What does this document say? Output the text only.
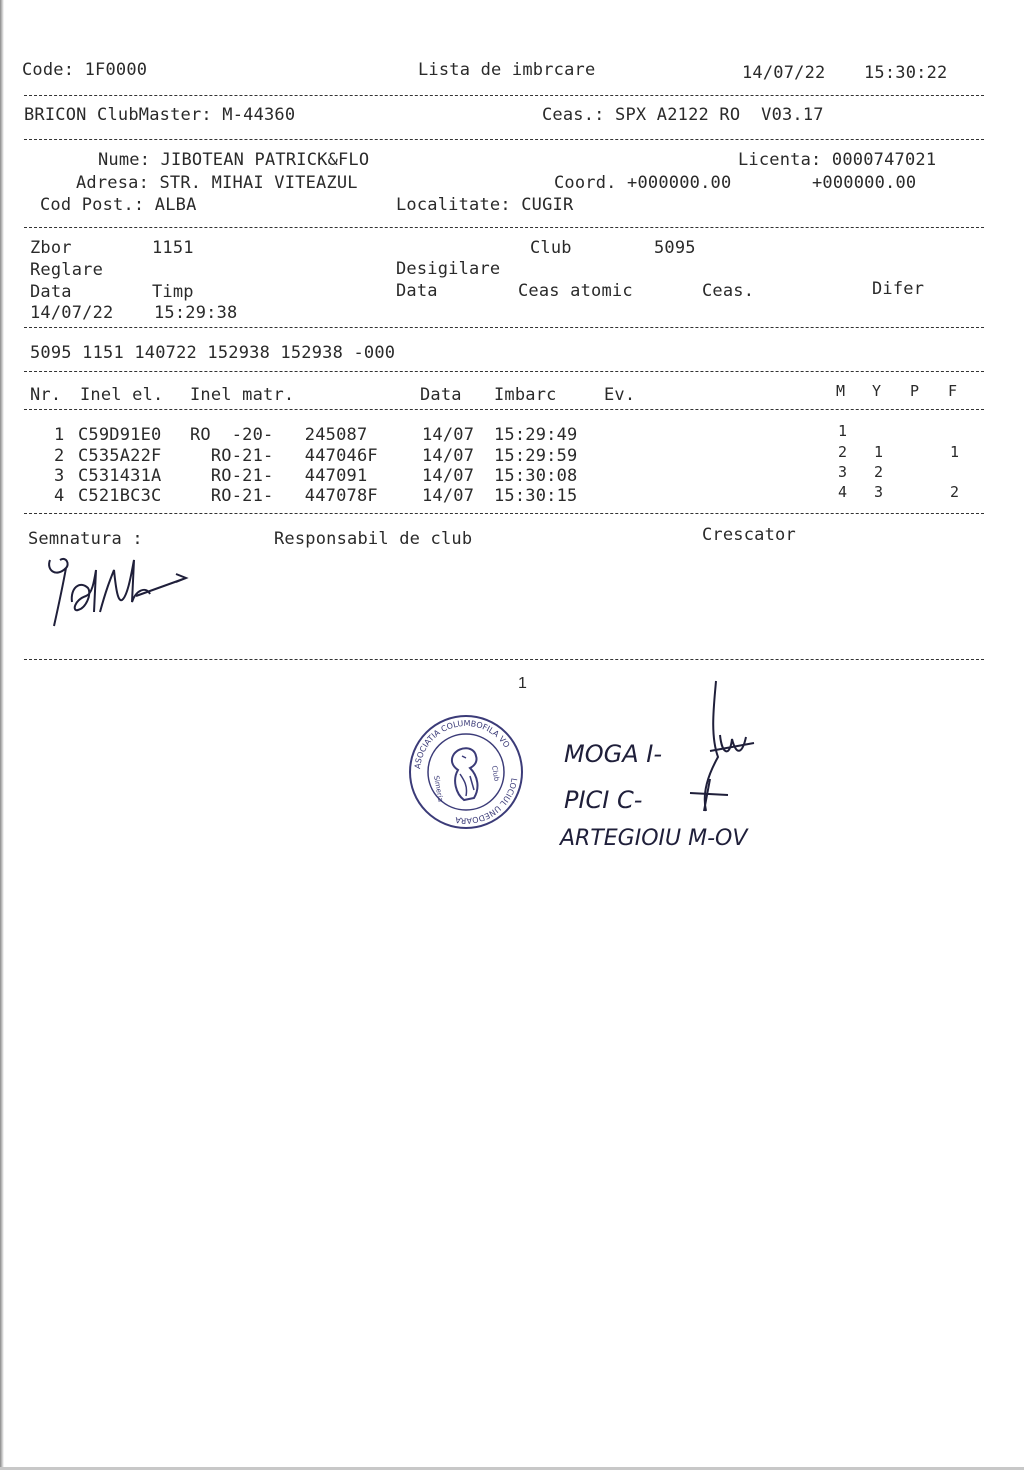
Code: 1F0000	Lista de imbrcare	14/07/22 15:30:22
BRICON ClubMaster: M-44360	Ceas.: SPX A2122 RO  V03.17
Nume: JIBOTEAN PATRICK&FLO	Licenta: 0000747021
Adresa: STR. MIHAI VITEAZUL	Coord. +000000.00	+000000.00
Cod Post.: ALBA	Localitate: CUGIR
Zbor	1151	Club	5095
Reglare	Desigilare
Data	Timp	Data	Ceas atomic	Ceas.	Difer
14/07/22 15:29:38
5095 1151 140722 152938 152938 -000
Nr. Inel el. Inel matr.	Data Imbarc	Ev.	M Y P F
1 C59D91E0 RO  -20-   245087	14/07 15:29:49	1
2 C535A22F RO-21-   447046F	14/07 15:29:59	2 1	1
3 C531431A RO-21-   447091	14/07 15:30:08	3 2
4 C521BC3C RO-21-   447078F	14/07 15:30:15	4 3	2
Semnatura :	Responsabil de club	Crescator
1
ASOCIATIA COLUMBOFILA VO
LOCIUL UNEDOARA
Simeria
Club
MOGA I-
PICI C-
ARTEGIOIU M-OV
